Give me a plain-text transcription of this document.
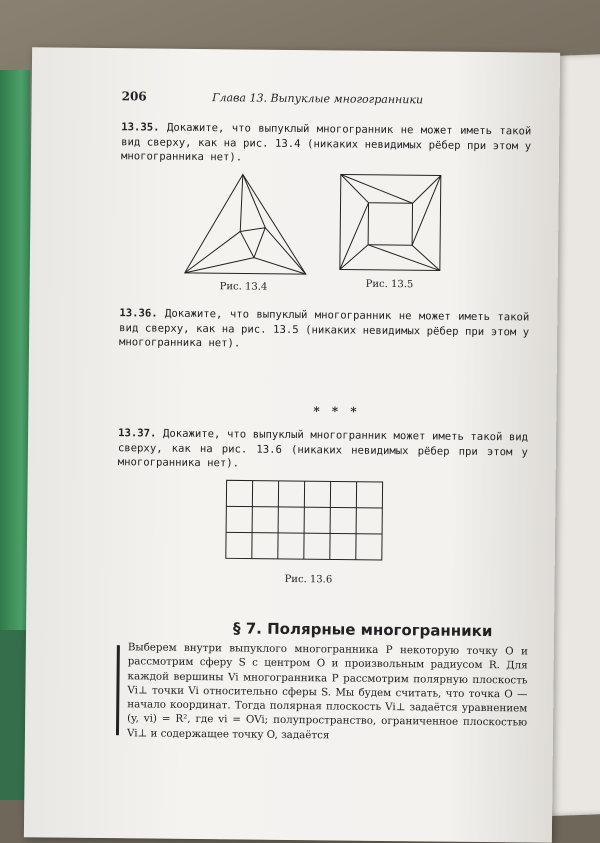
206	Глава 13. Выпуклые многогранники
13.35. Докажите, что выпуклый многогранник не может иметь такой вид сверху, как на рис. 13.4 (никаких невидимых рёбер при этом у многогранника нет).
Рис. 13.4	Рис. 13.5
13.36. Докажите, что выпуклый многогранник не может иметь такой вид сверху, как на рис. 13.5 (никаких невидимых рёбер при этом у многогранника нет).
* * *
13.37. Докажите, что выпуклый многогранник может иметь такой вид сверху, как на рис. 13.6 (никаких невидимых рёбер при этом у многогранника нет).
Рис. 13.6
§ 7. Полярные многогранники
Выберем внутри выпуклого многогранника P некоторую точку O и рассмотрим сферу S с центром O и произвольным радиусом R. Для каждой вершины Vi многогранника P рассмотрим полярную плоскость Vi⊥ точки Vi относительно сферы S. Мы будем считать, что точка O — начало координат. Тогда полярная плоскость Vi⊥ задаётся уравнением (y, vi) = R², где vi = OVi; полупространство, ограниченное плоскостью Vi⊥ и содержащее точку O, задаётся
